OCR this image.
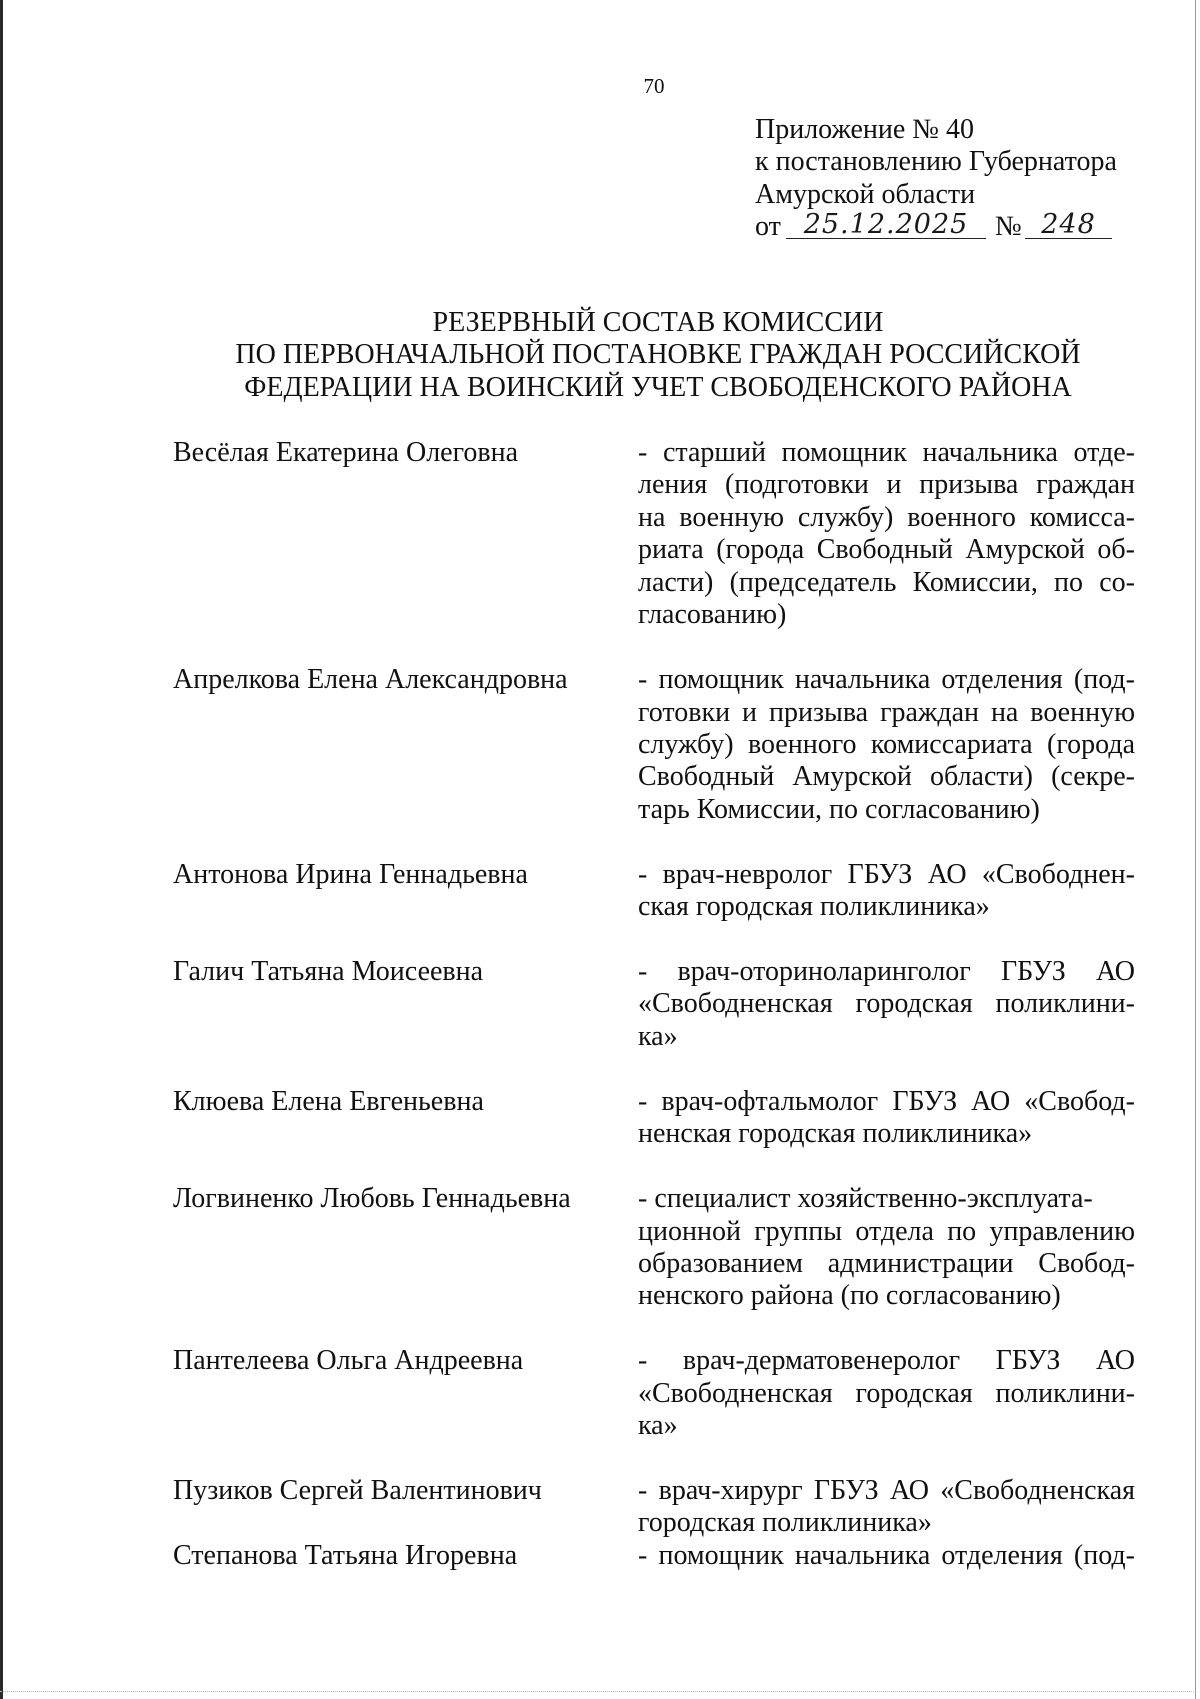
70
Приложение № 40
к постановлению Губернатора
Амурской области
от 25.12.2025 № 248
РЕЗЕРВНЫЙ СОСТАВ КОМИССИИ
ПО ПЕРВОНАЧАЛЬНОЙ ПОСТАНОВКЕ ГРАЖДАН РОССИЙСКОЙ
ФЕДЕРАЦИИ НА ВОИНСКИЙ УЧЕТ СВОБОДЕНСКОГО РАЙОНА
Весёлая Екатерина Олеговна	- старший помощник начальника отде-
ления (подготовки и призыва граждан
на военную службу) военного комисса-
риата (города Свободный Амурской об-
ласти) (председатель Комиссии, по со-
гласованию)
Апрелкова Елена Александровна	- помощник начальника отделения (под-
готовки и призыва граждан на военную
службу) военного комиссариата (города
Свободный Амурской области) (секре-
тарь Комиссии, по согласованию)
Антонова Ирина Геннадьевна	- врач-невролог ГБУЗ АО «Свободнен-
ская городская поликлиника»
Галич Татьяна Моисеевна	- врач-оториноларинголог ГБУЗ АО
«Свободненская городская поликлини-
ка»
Клюева Елена Евгеньевна	- врач-офтальмолог ГБУЗ АО «Свобод-
ненская городская поликлиника»
Логвиненко Любовь Геннадьевна - специалист хозяйственно-эксплуата-
ционной группы отдела по управлению
образованием администрации Свобод-
ненского района (по согласованию)
Пантелеева Ольга Андреевна	- врач-дерматовенеролог ГБУЗ АО
«Свободненская городская поликлини-
ка»
Пузиков Сергей Валентинович	- врач-хирург ГБУЗ АО «Свободненская
городская поликлиника»
Степанова Татьяна Игоревна	- помощник начальника отделения (под-
